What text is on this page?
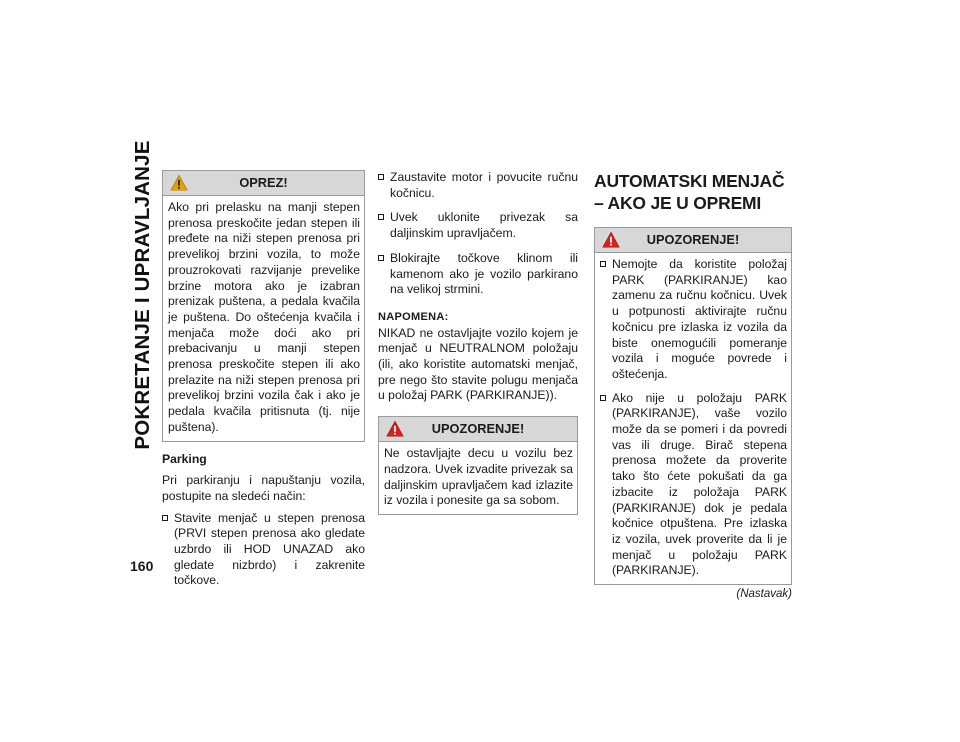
POKRETANJE I UPRAVLJANJE	OPREZ!
Ako pri prelasku na manji stepen prenosa preskočite jedan stepen ili pređete na niži stepen prenosa pri prevelikoj brzini vozila, to može prouzrokovati razvijanje prevelike brzine motora ako je izabran prenizak puštena, a pedala kvačila je puštena. Do oštećenja kvačila i menjača može doći ako pri prebacivanju u manji stepen prenosa preskočite stepen ili ako prelazite na niži stepen prenosa pri prevelikoj brzini vozila čak i ako je pedala kvačila pritisnuta (tj. nije puštena).
Parking

Pri parkiranju i napuštanju vozila, postupite na sledeći način:

Stavite menjač u stepen prenosa (PRVI stepen prenosa ako gledate uzbrdo ili HOD UNAZAD ako gledate nizbrdo) i zakrenite točkove.
Zaustavite motor i povucite ručnu kočnicu.
Uvek uklonite privezak sa daljinskim upravljačem.
Blokirajte točkove klinom ili kamenom ako je vozilo parkirano na velikoj strmini.
NAPOMENA:

NIKAD ne ostavljajte vozilo kojem je menjač u NEUTRALNOM položaju (ili, ako koristite automatski menjač, pre nego što stavite polugu menjača u položaj PARK (PARKIRANJE)).

UPOZORENJE!
Ne ostavljajte decu u vozilu bez nadzora. Uvek izvadite privezak sa daljinskim upravljačem kad izlazite iz vozila i ponesite ga sa sobom.
AUTOMATSKI MENJAČ – AKO JE U OPREMI
UPOZORENJE!
Nemojte da koristite položaj PARK (PARKIRANJE) kao zamenu za ručnu kočnicu. Uvek u potpunosti aktivirajte ručnu kočnicu pre izlaska iz vozila da biste onemogućili pomeranje vozila i moguće povrede i oštećenja.
Ako nije u položaju PARK (PARKIRANJE), vaše vozilo može da se pomeri i da povredi vas ili druge. Birač stepena prenosa možete da proverite tako što ćete pokušati da ga izbacite iz položaja PARK (PARKIRANJE) dok je pedala kočnice otpuštena. Pre izlaska iz vozila, uvek proverite da li je menjač u položaju PARK (PARKIRANJE).
(Nastavak)
160
